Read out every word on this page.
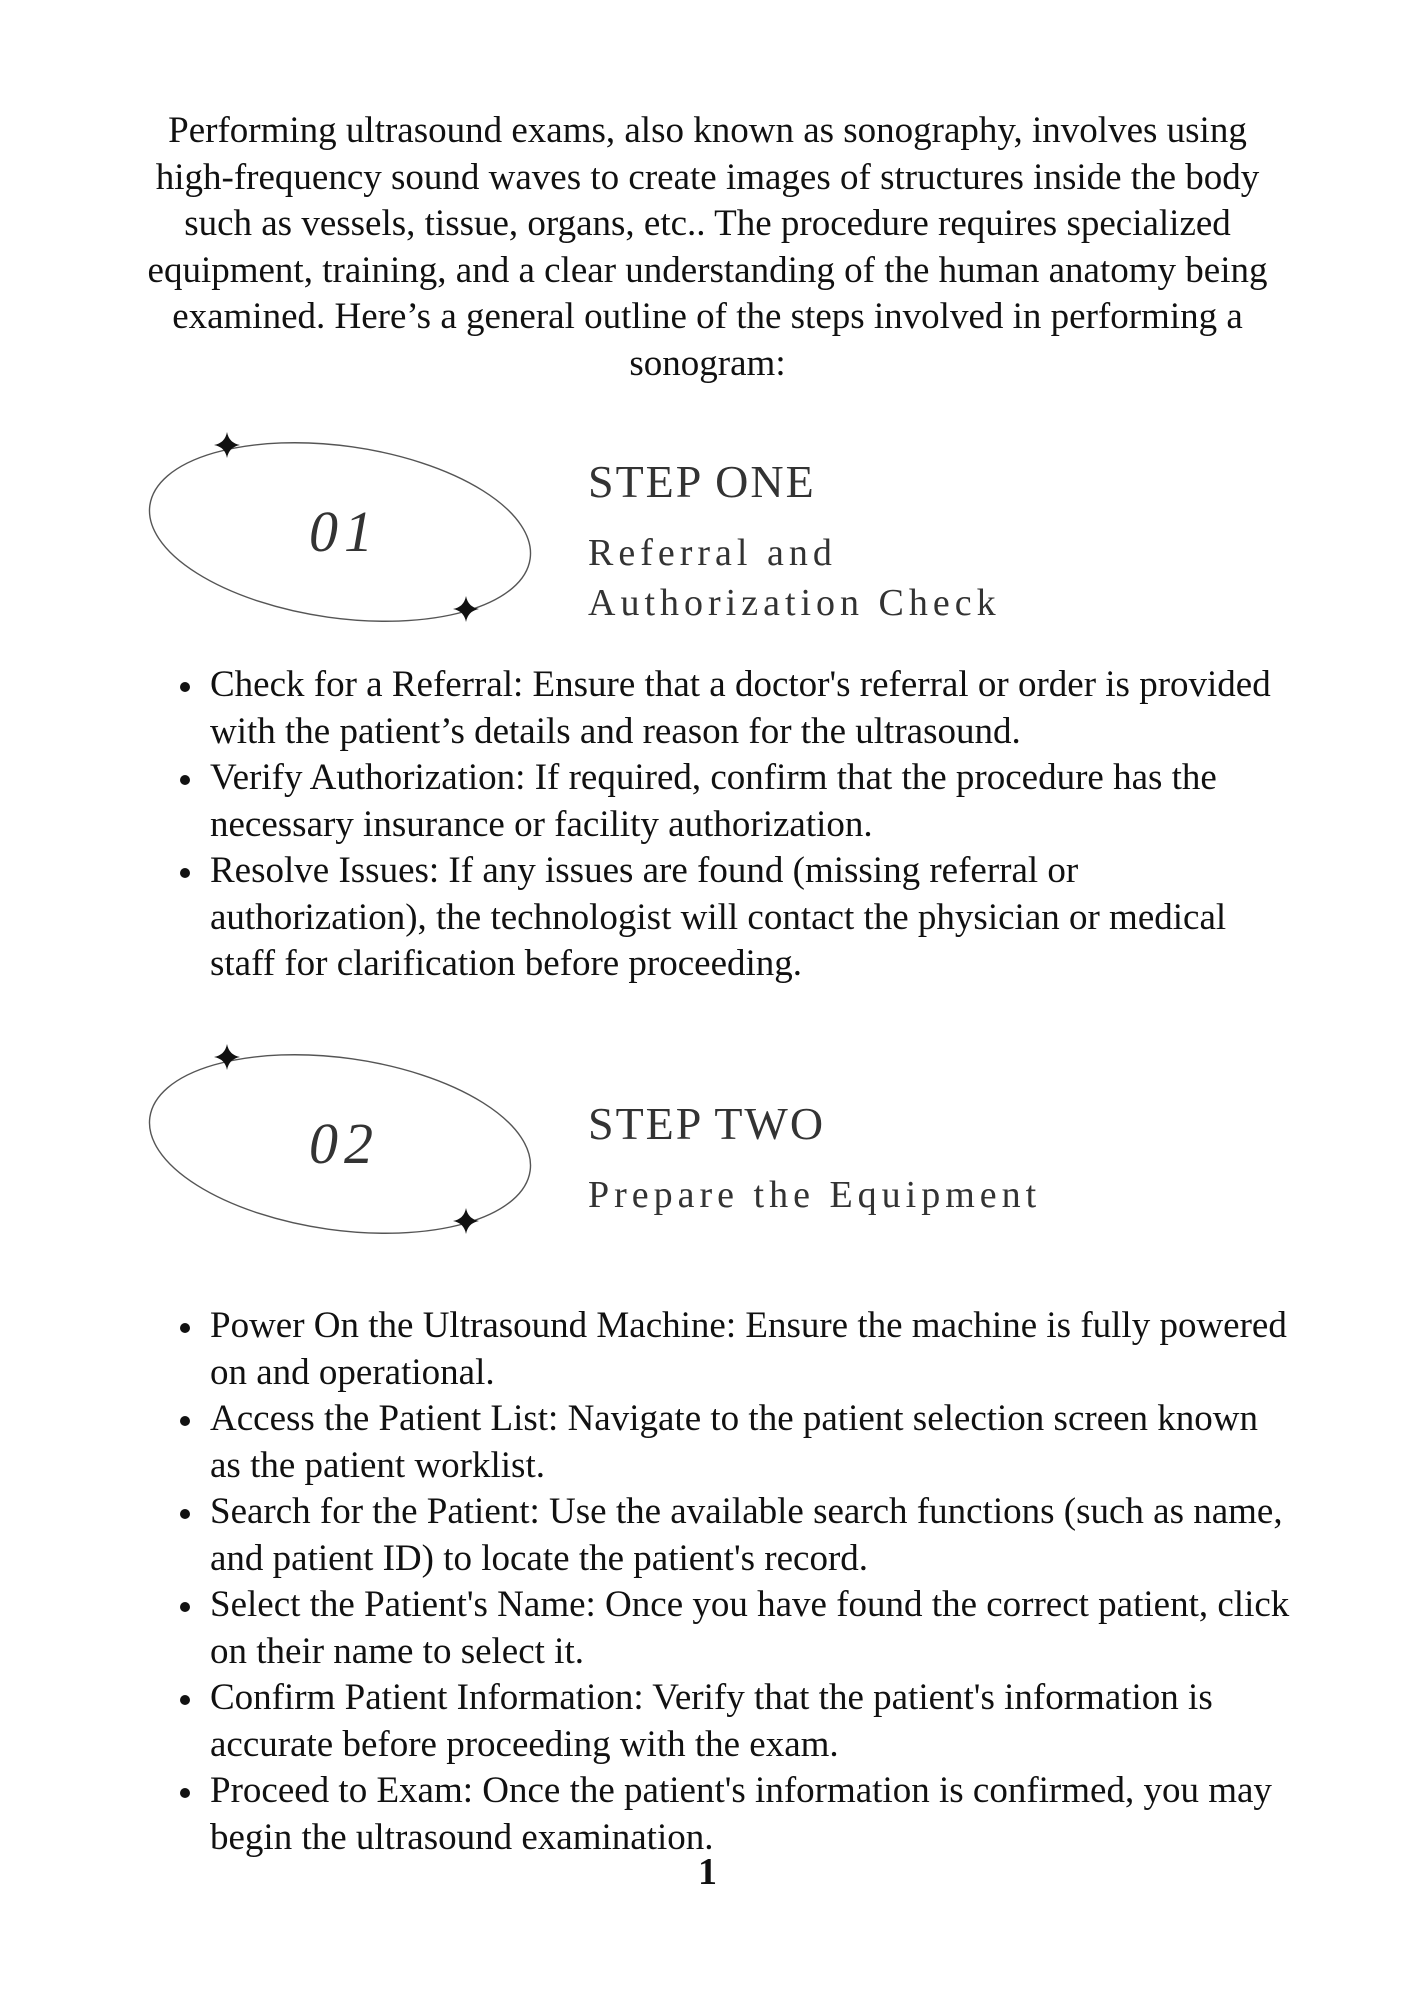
Performing ultrasound exams, also known as sonography, involves using high-frequency sound waves to create images of structures inside the body such as vessels, tissue, organs, etc.. The procedure requires specialized equipment, training, and a clear understanding of the human anatomy being examined. Here’s a general outline of the steps involved in performing a sonogram:

01
STEP ONE
Referral and
Authorization Check
Check for a Referral: Ensure that a doctor's referral or order is provided with the patient’s details and reason for the ultrasound.
Verify Authorization: If required, confirm that the procedure has the necessary insurance or facility authorization.
Resolve Issues: If any issues are found (missing referral or authorization), the technologist will contact the physician or medical staff for clarification before proceeding.
02	STEP TWO
Prepare the Equipment
Power On the Ultrasound Machine: Ensure the machine is fully powered on and operational.
Access the Patient List: Navigate to the patient selection screen known as the patient worklist.
Search for the Patient: Use the available search functions (such as name, and patient ID) to locate the patient's record.
Select the Patient's Name: Once you have found the correct patient, click on their name to select it.
Confirm Patient Information: Verify that the patient's information is accurate before proceeding with the exam.
Proceed to Exam: Once the patient's information is confirmed, you may begin the ultrasound examination.

1
